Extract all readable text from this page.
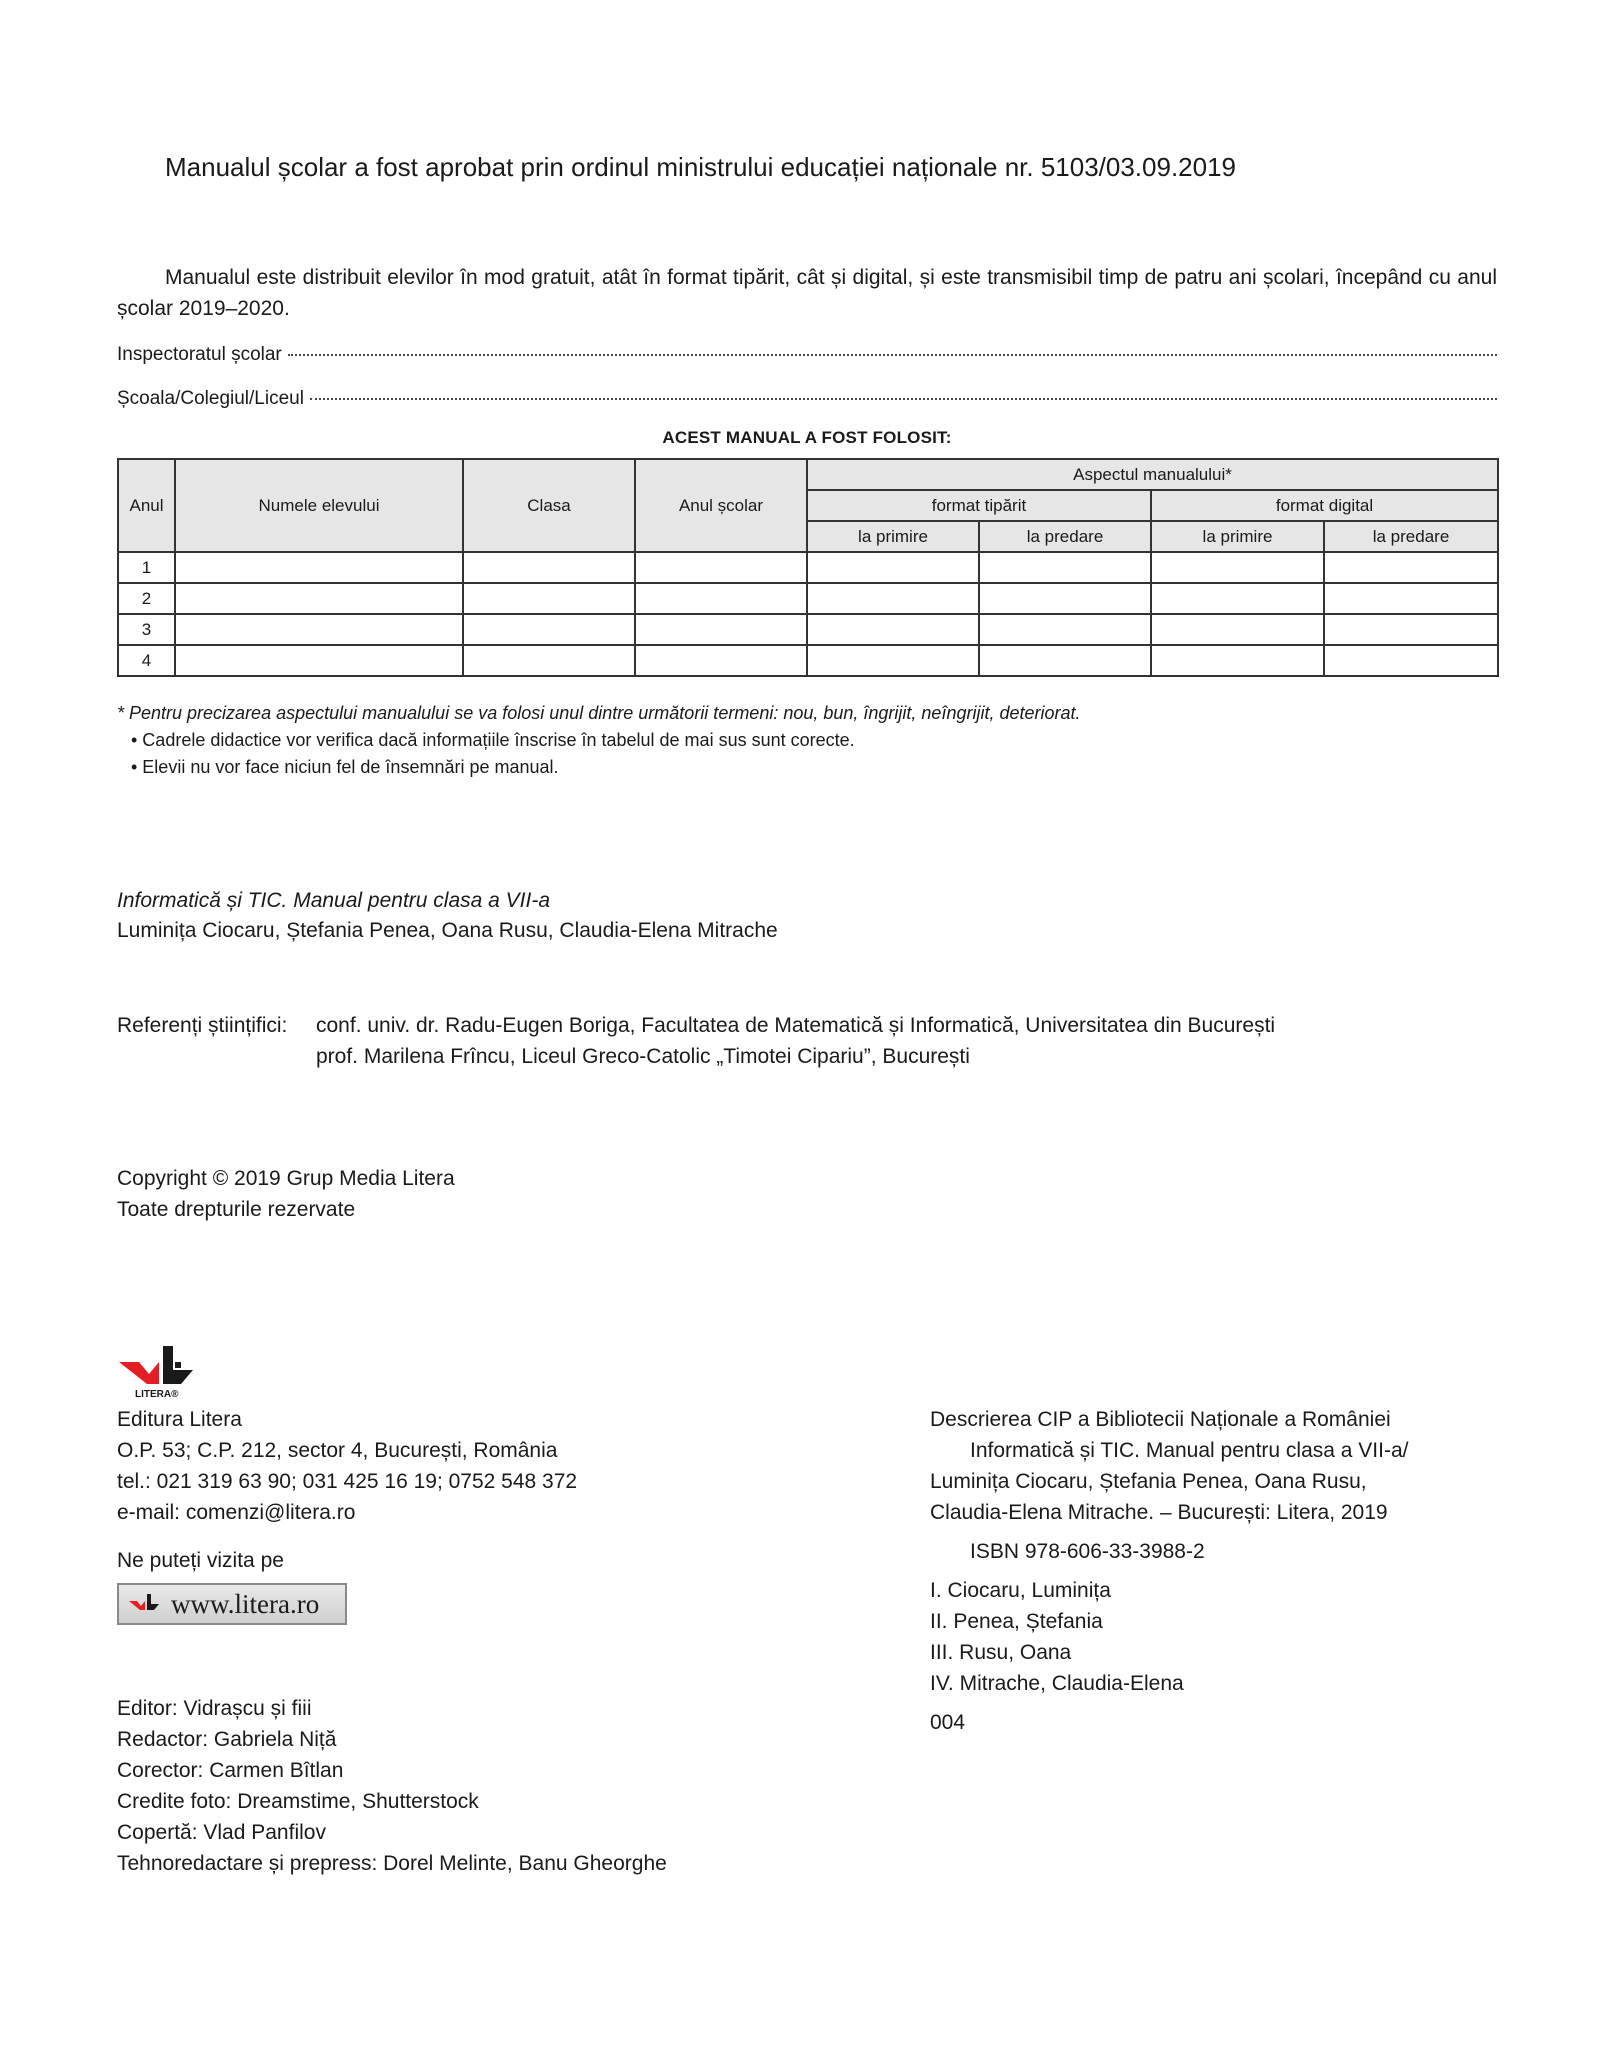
Manualul școlar a fost aprobat prin ordinul ministrului educației naționale nr. 5103/03.09.2019
Manualul este distribuit elevilor în mod gratuit, atât în format tipărit, cât și digital, și este transmisibil timp de patru ani școlari, începând cu anul școlar 2019–2020.
Inspectoratul școlar
Școala/Colegiul/Liceul
ACEST MANUAL A FOST FOLOSIT:
Anul	Numele elevului	Clasa	Anul școlar	Aspectul manualului*			
				format tipărit		format digital	
				la primire	la predare	la primire	la predare
1							
2							
3							
4							
* Pentru precizarea aspectului manualului se va folosi unul dintre următorii termeni: nou, bun, îngrijit, neîngrijit, deteriorat.
• Cadrele didactice vor verifica dacă informațiile înscrise în tabelul de mai sus sunt corecte.
• Elevii nu vor face niciun fel de însemnări pe manual.
Informatică și TIC. Manual pentru clasa a VII-a
Luminița Ciocaru, Ștefania Penea, Oana Rusu, Claudia-Elena Mitrache
Referenți științifici: conf. univ. dr. Radu-Eugen Boriga, Facultatea de Matematică și Informatică, Universitatea din București
prof. Marilena Frîncu, Liceul Greco-Catolic „Timotei Cipariu”, București
Copyright © 2019 Grup Media Litera
Toate drepturile rezervate
LITERA®
Editura Litera
O.P. 53; C.P. 212, sector 4, București, România
tel.: 021 319 63 90; 031 425 16 19; 0752 548 372
e-mail: comenzi@litera.ro
Ne puteți vizita pe
www.litera.ro
Editor: Vidrașcu și fiii
Redactor: Gabriela Niță
Corector: Carmen Bîtlan
Credite foto: Dreamstime, Shutterstock
Copertă: Vlad Panfilov
Tehnoredactare și prepress: Dorel Melinte, Banu Gheorghe
Descrierea CIP a Bibliotecii Naționale a României
Informatică și TIC. Manual pentru clasa a VII-a/
Luminița Ciocaru, Ștefania Penea, Oana Rusu,
Claudia-Elena Mitrache. – București: Litera, 2019
ISBN 978-606-33-3988-2
I. Ciocaru, Luminița
II. Penea, Ștefania
III. Rusu, Oana
IV. Mitrache, Claudia-Elena
004
